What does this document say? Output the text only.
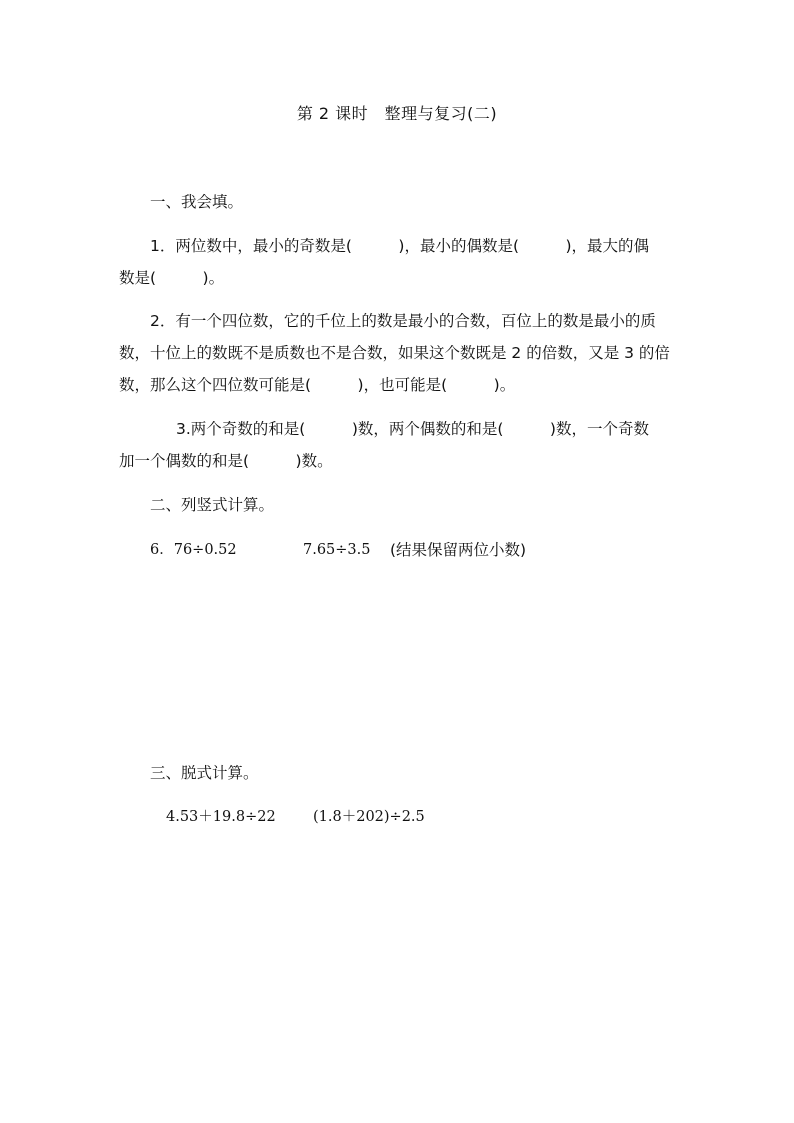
第 2 课时　整理与复习(二)
一、我会填。
1．两位数中，最小的奇数是(　　　)，最小的偶数是(　　　)，最大的偶
数是(　　　)。
2．有一个四位数，它的千位上的数是最小的合数，百位上的数是最小的质
数，十位上的数既不是质数也不是合数，如果这个数既是 2 的倍数，又是 3 的倍
数，那么这个四位数可能是(　　　)，也可能是(　　　)。
3.两个奇数的和是(　　　)数，两个偶数的和是(　　　)数，一个奇数
加一个偶数的和是(　　　)数。
二、列竖式计算。
6．76÷0.52	7.65÷3.5 (结果保留两位小数)
三、脱式计算。
4.53＋19.8÷22	(1.8＋202)÷2.5
